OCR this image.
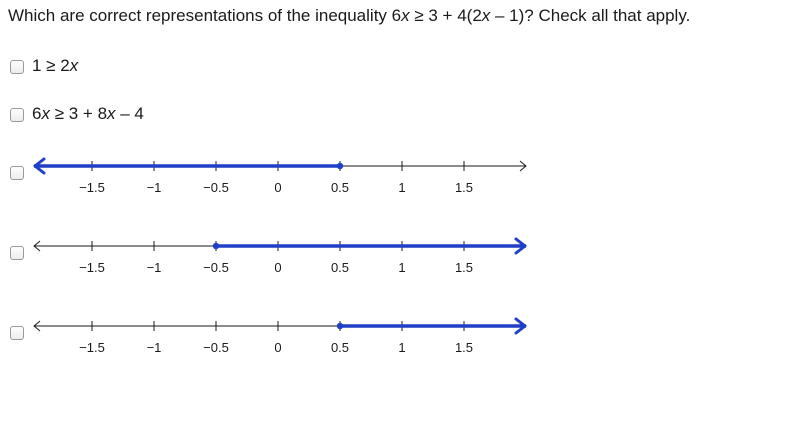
Which are correct representations of the inequality 6x ≥ 3 + 4(2x – 1)? Check all that apply.
1 ≥ 2x
6x ≥ 3 + 8x – 4
−1.5	−1	−0.5	0	0.5	1	1.5
−1.5	−1	−0.5	0	0.5	1	1.5
−1.5	−1	−0.5	0	0.5	1	1.5
